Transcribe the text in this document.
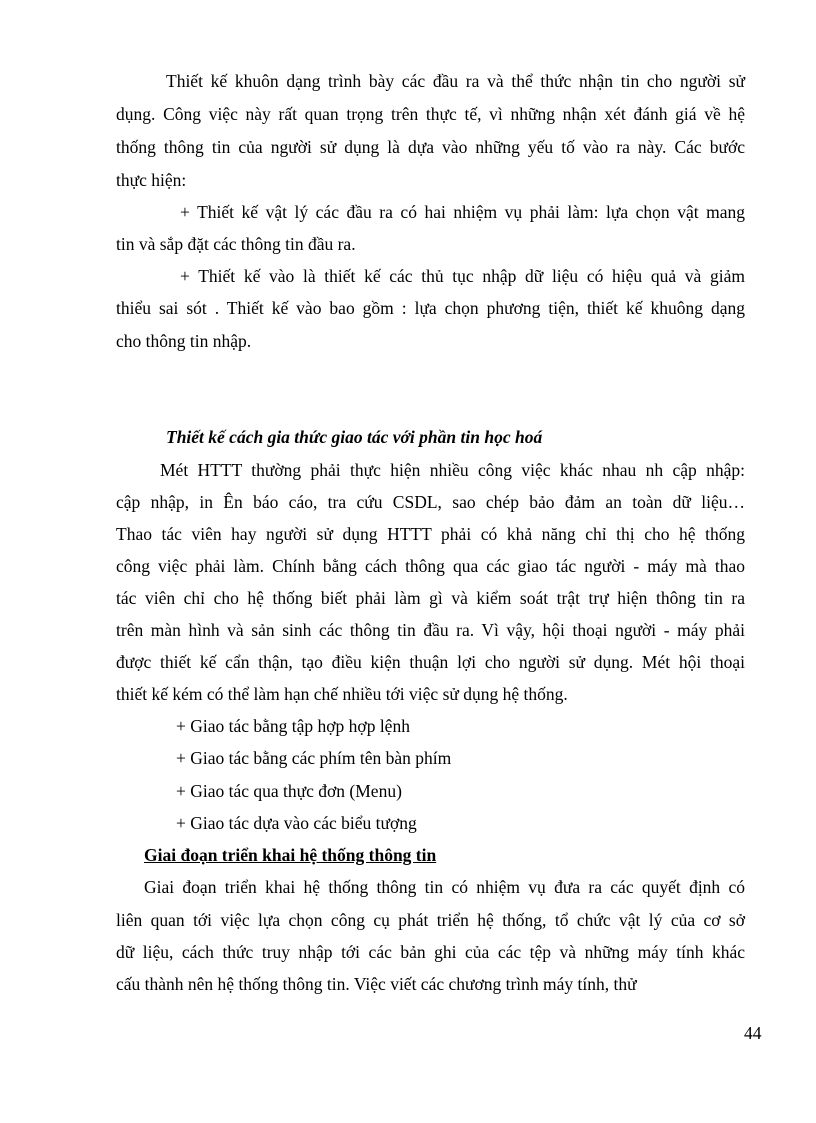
Thiết kế khuôn dạng trình bày các đầu ra và thể thức nhận tin cho người sử
dụng. Công việc này rất quan trọng trên thực tế, vì những nhận xét đánh giá về hệ
thống thông tin của người sử dụng là dựa vào những yếu tố vào ra này. Các bước
thực hiện:
+ Thiết kế vật lý các đầu ra có hai nhiệm vụ phải làm: lựa chọn vật mang
tin và sắp đặt các thông tin đầu ra.
+ Thiết kế vào là thiết kế các thủ tục nhập dữ liệu có hiệu quả và giảm
thiểu sai sót . Thiết kế vào bao gồm : lựa chọn phương tiện, thiết kế khuông dạng
cho thông tin nhập.
Thiết kế cách gia thức giao tác với phần tin học hoá
Mét HTTT thường phải thực hiện nhiều công việc khác nhau nh cập nhập:
cập nhập, in Ên báo cáo, tra cứu CSDL, sao chép bảo đảm an toàn dữ liệu…
Thao tác viên hay người sử dụng HTTT phải có khả năng chỉ thị cho hệ thống
công việc phải làm. Chính bằng cách thông qua các giao tác người - máy mà thao
tác viên chỉ cho hệ thống biết phải làm gì và kiểm soát trật trự hiện thông tin ra
trên màn hình và sản sinh các thông tin đầu ra. Vì vậy, hội thoại người - máy phải
được thiết kế cẩn thận, tạo điều kiện thuận lợi cho người sử dụng. Mét hội thoại
thiết kế kém có thể làm hạn chế nhiều tới việc sử dụng hệ thống.
+ Giao tác bằng tập hợp hợp lệnh
+ Giao tác bằng các phím tên bàn phím
+ Giao tác qua thực đơn (Menu)
+ Giao tác dựa vào các biểu tượng
Giai đoạn triển khai hệ thống thông tin
Giai đoạn triển khai hệ thống thông tin có nhiệm vụ đưa ra các quyết định có
liên quan tới việc lựa chọn công cụ phát triển hệ thống, tổ chức vật lý của cơ sở
dữ liệu, cách thức truy nhập tới các bản ghi của các tệp và những máy tính khác
cấu thành nên hệ thống thông tin. Việc viết các chương trình máy tính, thử
44
